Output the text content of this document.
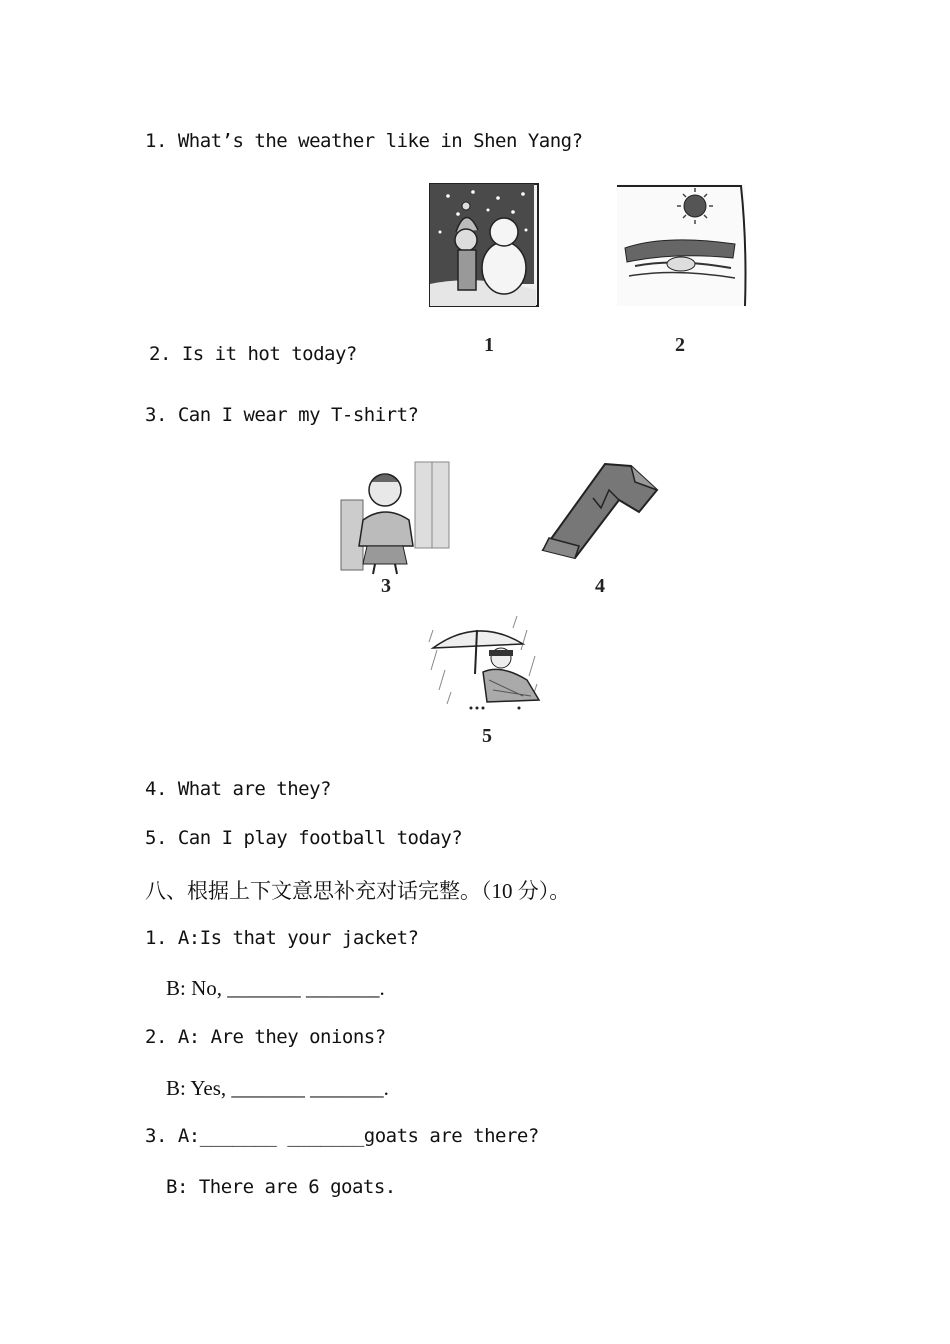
1. What’s the weather like in Shen Yang?
1	2
2. Is it hot today?
3. Can I wear my T-shirt?
3	4
5
4. What are they?
5. Can I play football today?
八、根据上下文意思补充对话完整。（10 分）。
1. A:Is that your jacket?
B: No, _______ _______.
2. A: Are they onions?
B: Yes, _______ _______.
3. A:_______ _______goats are there?
B: There are 6 goats.
